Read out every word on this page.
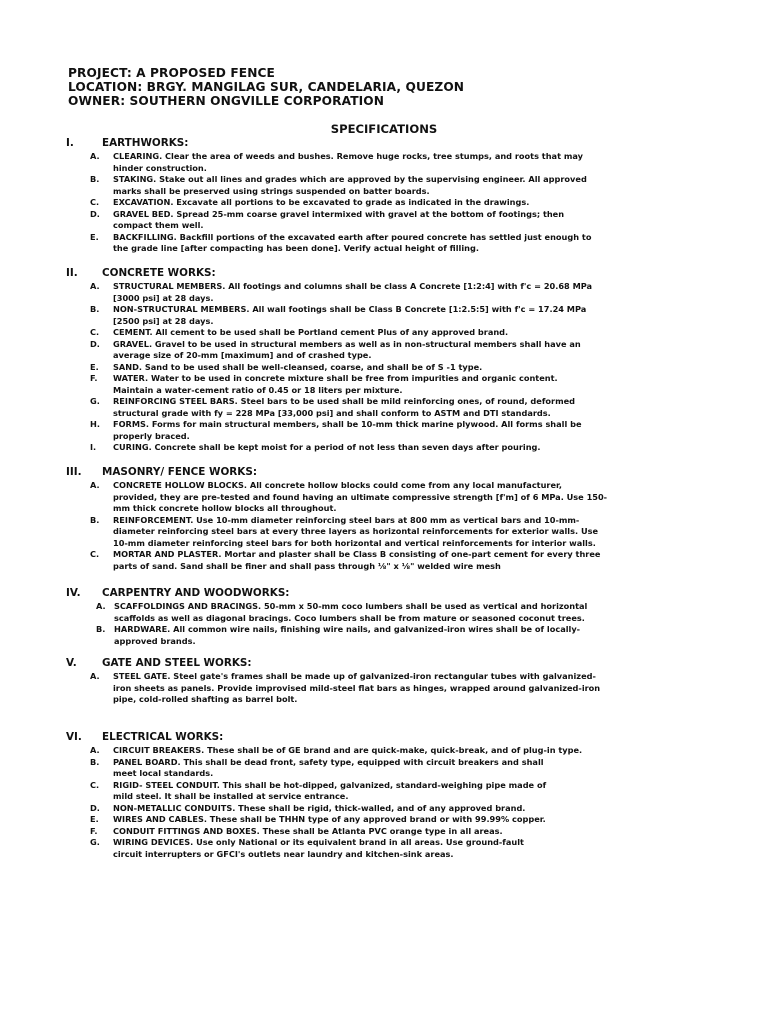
PROJECT: A PROPOSED FENCE
LOCATION: BRGY. MANGILAG SUR, CANDELARIA, QUEZON
OWNER: SOUTHERN ONGVILLE CORPORATION
SPECIFICATIONS
I.	EARTHWORKS:
A. CLEARING. Clear the area of weeds and bushes. Remove huge rocks, tree stumps, and roots that may
hinder construction.
B. STAKING. Stake out all lines and grades which are approved by the supervising engineer. All approved
marks shall be preserved using strings suspended on batter boards.
C. EXCAVATION. Excavate all portions to be excavated to grade as indicated in the drawings.
D. GRAVEL BED. Spread 25-mm coarse gravel intermixed with gravel at the bottom of footings; then
compact them well.
E. BACKFILLING. Backfill portions of the excavated earth after poured concrete has settled just enough to
the grade line [after compacting has been done]. Verify actual height of filling.
II. CONCRETE WORKS:
A. STRUCTURAL MEMBERS. All footings and columns shall be class A Concrete [1:2:4] with f'c = 20.68 MPa
[3000 psi] at 28 days.
B. NON-STRUCTURAL MEMBERS. All wall footings shall be Class B Concrete [1:2.5:5] with f'c = 17.24 MPa
[2500 psi] at 28 days.
C. CEMENT. All cement to be used shall be Portland cement Plus of any approved brand.
D. GRAVEL. Gravel to be used in structural members as well as in non-structural members shall have an
average size of 20-mm [maximum] and of crashed type.
E. SAND. Sand to be used shall be well-cleansed, coarse, and shall be of S -1 type.
F. WATER. Water to be used in concrete mixture shall be free from impurities and organic content.
Maintain a water-cement ratio of 0.45 or 18 liters per mixture.
G. REINFORCING STEEL BARS. Steel bars to be used shall be mild reinforcing ones, of round, deformed
structural grade with fy = 228 MPa [33,000 psi] and shall conform to ASTM and DTI standards.
H. FORMS. Forms for main structural members, shall be 10-mm thick marine plywood. All forms shall be
properly braced.
I. CURING. Concrete shall be kept moist for a period of not less than seven days after pouring.
III. MASONRY/ FENCE WORKS:
A. CONCRETE HOLLOW BLOCKS. All concrete hollow blocks could come from any local manufacturer,
provided, they are pre-tested and found having an ultimate compressive strength [f'm] of 6 MPa. Use 150-
mm thick concrete hollow blocks all throughout.
B. REINFORCEMENT. Use 10-mm diameter reinforcing steel bars at 800 mm as vertical bars and 10-mm-
diameter reinforcing steel bars at every three layers as horizontal reinforcements for exterior walls. Use
10-mm diameter reinforcing steel bars for both horizontal and vertical reinforcements for interior walls.
C. MORTAR AND PLASTER. Mortar and plaster shall be Class B consisting of one-part cement for every three
parts of sand. Sand shall be finer and shall pass through ⅛" x ⅛" welded wire mesh
IV. CARPENTRY AND WOODWORKS:
A. SCAFFOLDINGS AND BRACINGS. 50-mm x 50-mm coco lumbers shall be used as vertical and horizontal
scaffolds as well as diagonal bracings. Coco lumbers shall be from mature or seasoned coconut trees.
B. HARDWARE. All common wire nails, finishing wire nails, and galvanized-iron wires shall be of locally-
approved brands.
V. GATE AND STEEL WORKS:
A. STEEL GATE. Steel gate's frames shall be made up of galvanized-iron rectangular tubes with galvanized-
iron sheets as panels. Provide improvised mild-steel flat bars as hinges, wrapped around galvanized-iron
pipe, cold-rolled shafting as barrel bolt.
VI. ELECTRICAL WORKS:
A. CIRCUIT BREAKERS. These shall be of GE brand and are quick-make, quick-break, and of plug-in type.
B. PANEL BOARD. This shall be dead front, safety type, equipped with circuit breakers and shall
meet local standards.
C. RIGID- STEEL CONDUIT. This shall be hot-dipped, galvanized, standard-weighing pipe made of
mild steel. It shall be installed at service entrance.
D. NON-METALLIC CONDUITS. These shall be rigid, thick-walled, and of any approved brand.
E. WIRES AND CABLES. These shall be THHN type of any approved brand or with 99.99% copper.
F. CONDUIT FITTINGS AND BOXES. These shall be Atlanta PVC orange type in all areas.
G. WIRING DEVICES. Use only National or its equivalent brand in all areas. Use ground-fault
circuit interrupters or GFCI's outlets near laundry and kitchen-sink areas.
